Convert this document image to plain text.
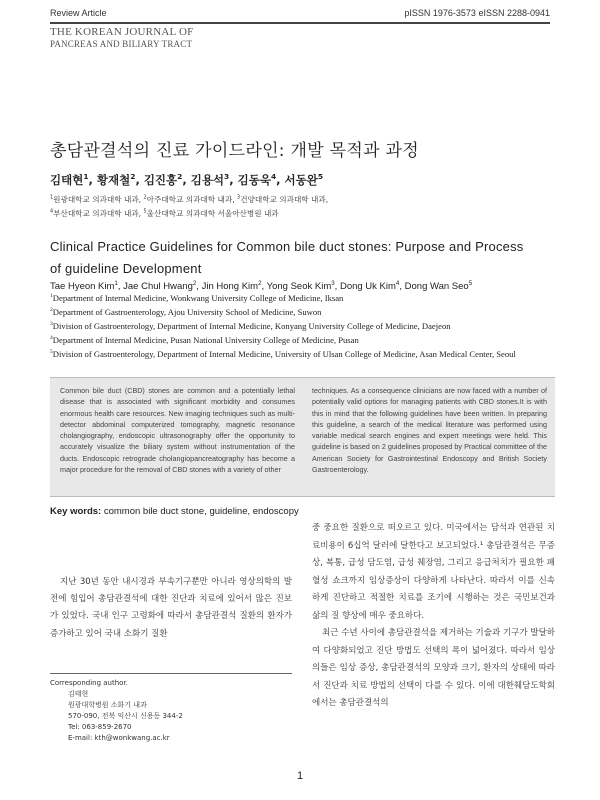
Review Article	pISSN 1976-3573 eISSN 2288-0941
THE KOREAN JOURNAL OF
PANCREAS AND BILIARY TRACT
총담관결석의 진료 가이드라인: 개발 목적과 과정
김태현$^1$, 황재철$^2$, 김진홍$^2$, 김용석$^3$, 김동욱$^4$, 서동완$^5$
$^1$원광대학교 의과대학 내과, $^2$아주대학교 의과대학 내과, $^3$건양대학교 의과대학 내과,
$^4$부산대학교 의과대학 내과, $^5$울산대학교 의과대학 서울아산병원 내과
Clinical Practice Guidelines for Common bile duct stones: Purpose and Process
of guideline Development
Tae Hyeon Kim$^1$, Jae Chul Hwang$^2$, Jin Hong Kim$^2$, Yong Seok Kim$^3$, Dong Uk Kim$^4$, Dong Wan Seo$^5$
$^1$Department of Internal Medicine, Wonkwang University College of Medicine, Iksan
$^2$Department of Gastroenterology, Ajou University School of Medicine, Suwon
$^3$Division of Gastroenterology, Department of Internal Medicine, Konyang University College of Medicine, Daejeon
$^4$Department of Internal Medicine, Pusan National University College of Medicine, Pusan
$^5$Division of Gastroenterology, Department of Internal Medicine, University of Ulsan College of Medicine, Asan Medical Center, Seoul
Common bile duct (CBD) stones are common and a potentially lethal disease that is associated with significant morbidity and consumes enormous health care resources. New imaging techniques such as multi-detector abdominal computerized tomography, magnetic resonance cholangiography, endoscopic ultrasonography offer the opportunity to accurately visualize the biliary system without instrumentation of the ducts. Endoscopic retrograde cholangiopancreatography has become a major procedure for the removal of CBD stones with a variety of other
techniques. As a consequence clinicians are now faced with a number of potentially valid options for managing patients with CBD stones.It is with this in mind that the following guidelines have been written. In preparing this guideline, a search of the medical literature was performed using variable medical search engines and expert meetings were held. This guideline is based on 2 guidelines proposed by Practical committee of the American Society for Gastrointestinal Endoscopy and British Society Gastroenterology.
Key words: common bile duct stone, guideline, endoscopy
지난 30년 동안 내시경과 부속기구뿐만 아니라 영상의학의 발전에 힘입어 총담관결석에 대한 진단과 치료에 있어서 많은 진보가 있었다. 국내 인구 고령화에 따라서 총담관결석 질환의 환자가 증가하고 있어 국내 소화기 질환

중 중요한 질환으로 떠오르고 있다. 미국에서는 담석과 연관된 치료비용이 6십억 달러에 달한다고 보고되었다.¹ 총담관결석은 무증상, 복통, 급성 담도염, 급성 췌장염, 그리고 응급처치가 필요한 패혈성 쇼크까지 임상증상이 다양하게 나타난다. 따라서 이를 신속하게 진단하고 적절한 치료를 조기에 시행하는 것은 국민보건과 삶의 질 향상에 매우 중요하다.

최근 수년 사이에 총담관결석을 제거하는 기술과 기구가 발달하여 다양화되었고 진단 방법도 선택의 폭이 넓어졌다. 따라서 임상의들은 임상 증상, 총담관결석의 모양과 크기, 환자의 상태에 따라서 진단과 치료 방법의 선택이 다를 수 있다. 이에 대한췌담도학회에서는 총담관결석의

Corresponding author.
김태현
원광대학병원 소화기 내과
570-090, 전북 익산시 신용동 344-2
Tel: 063-859-2670
E-mail: kth@wonkwang.ac.kr
1
